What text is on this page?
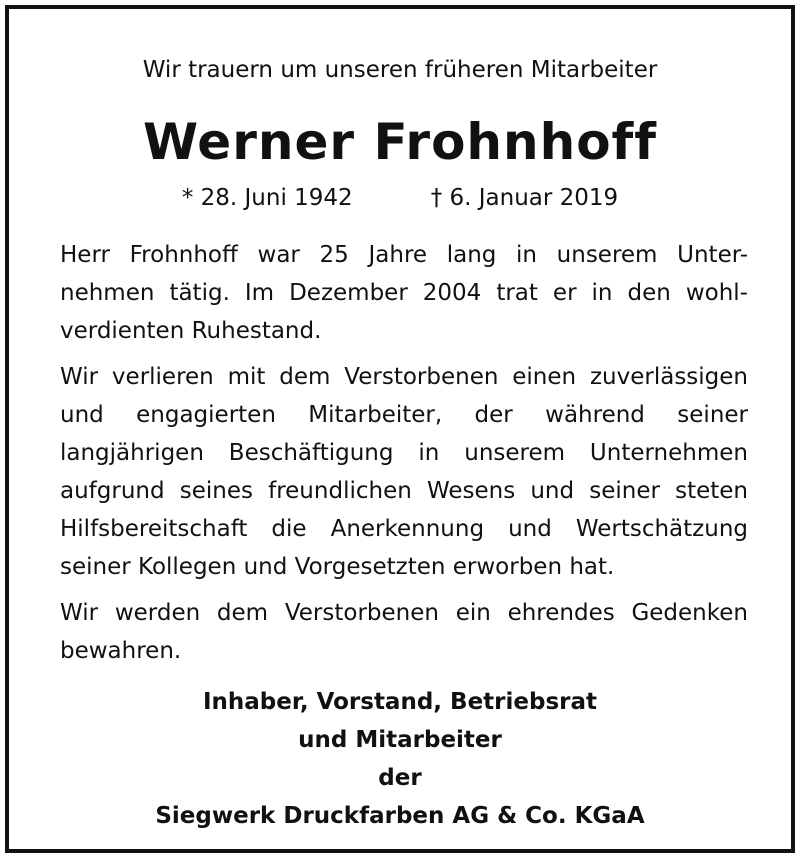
Wir trauern um unseren früheren Mitarbeiter
Werner Frohnhoff
* 28. Juni 1942	† 6. Januar 2019

Herr Frohnhoff war 25 Jahre lang in unserem Unter-
nehmen tätig. Im Dezember 2004 trat er in den wohl-
verdienten Ruhestand.

Wir verlieren mit dem Verstorbenen einen zuverlässigen
und engagierten Mitarbeiter, der während seiner
langjährigen Beschäftigung in unserem Unternehmen
aufgrund seines freundlichen Wesens und seiner steten
Hilfsbereitschaft die Anerkennung und Wertschätzung
seiner Kollegen und Vorgesetzten erworben hat.

Wir werden dem Verstorbenen ein ehrendes Gedenken
bewahren.

Inhaber, Vorstand, Betriebsrat
und Mitarbeiter
der
Siegwerk Druckfarben AG & Co. KGaA
